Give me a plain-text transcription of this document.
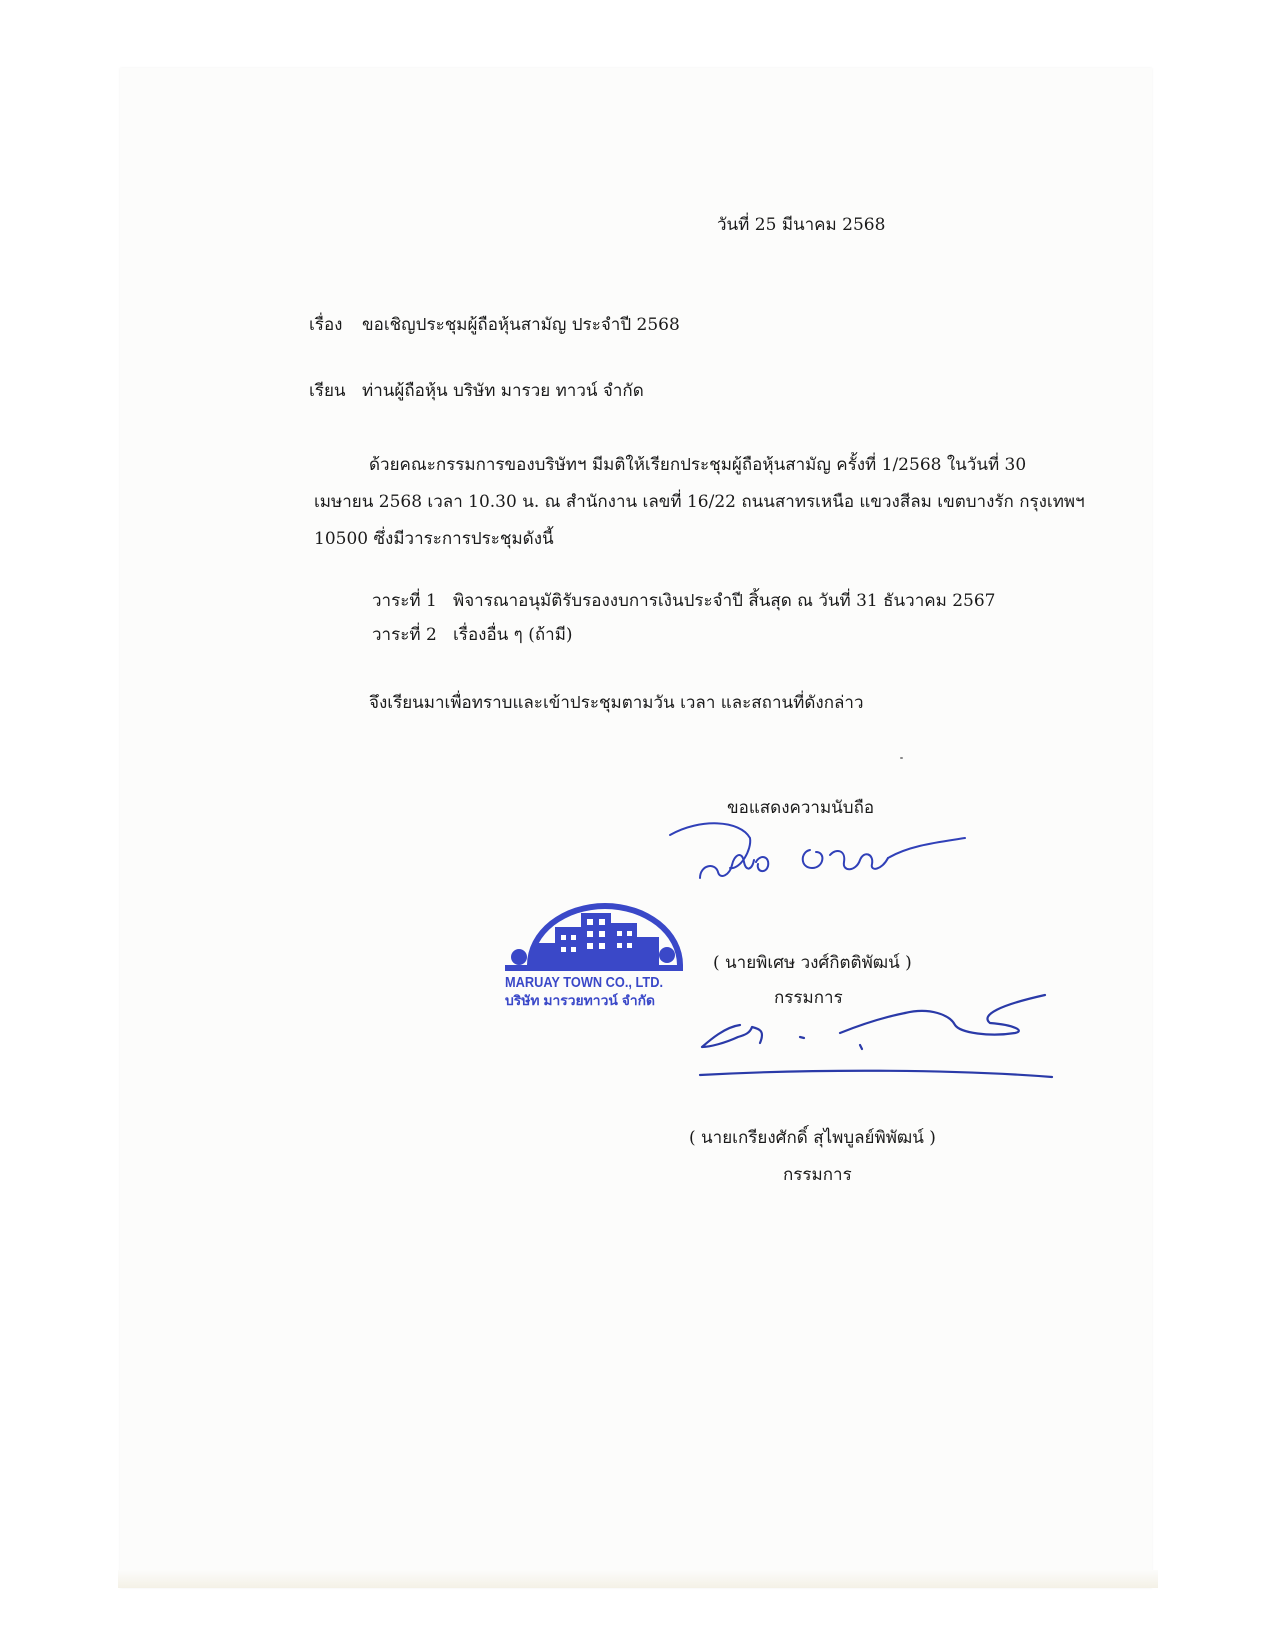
วันที่ 25 มีนาคม 2568
เรื่อง ขอเชิญประชุมผู้ถือหุ้นสามัญ ประจำปี 2568
เรียน ท่านผู้ถือหุ้น บริษัท มารวย ทาวน์ จำกัด
ด้วยคณะกรรมการของบริษัทฯ มีมติให้เรียกประชุมผู้ถือหุ้นสามัญ ครั้งที่ 1/2568 ในวันที่ 30
เมษายน 2568 เวลา 10.30 น. ณ สำนักงาน เลขที่ 16/22 ถนนสาทรเหนือ แขวงสีลม เขตบางรัก กรุงเทพฯ
10500 ซึ่งมีวาระการประชุมดังนี้
วาระที่ 1 พิจารณาอนุมัติรับรองงบการเงินประจำปี สิ้นสุด ณ วันที่ 31 ธันวาคม 2567
วาระที่ 2 เรื่องอื่น ๆ (ถ้ามี)
จึงเรียนมาเพื่อทราบและเข้าประชุมตามวัน เวลา และสถานที่ดังกล่าว
ขอแสดงความนับถือ
( นายพิเศษ วงศ์กิตติพัฒน์ )
กรรมการ
( นายเกรียงศักดิ์ สุไพบูลย์พิพัฒน์ )
กรรมการ
MARUAY TOWN CO., LTD.
บริษัท มารวยทาวน์ จำกัด
